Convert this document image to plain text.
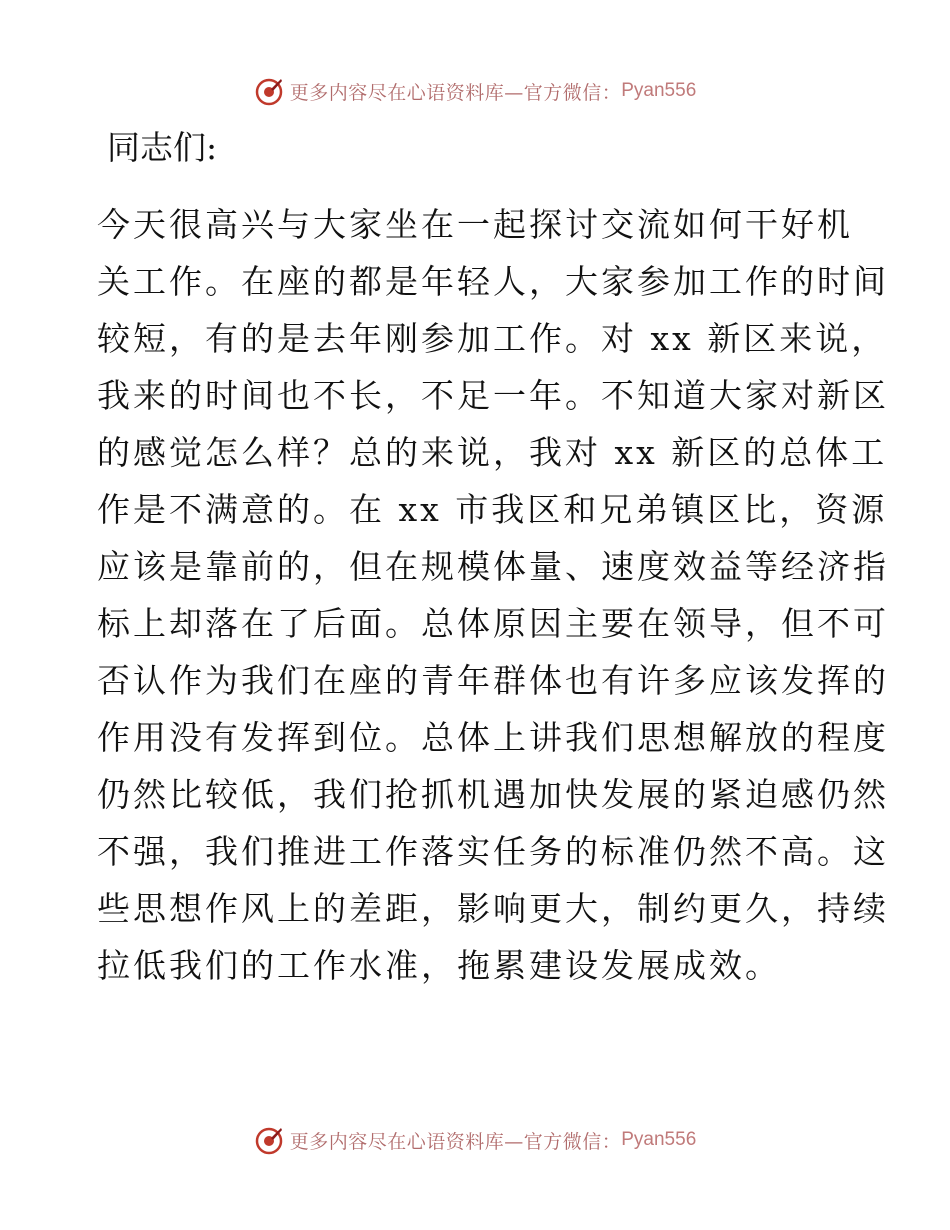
更多内容尽在心语资料库—官方微信： Pyan556
同志们:
今天很高兴与大家坐在一起探讨交流如何干好机
关工作。在座的都是年轻人，大家参加工作的时间
较短，有的是去年刚参加工作。对 xx 新区来说，
我来的时间也不长，不足一年。不知道大家对新区
的感觉怎么样？总的来说，我对 xx 新区的总体工
作是不满意的。在 xx 市我区和兄弟镇区比，资源
应该是靠前的，但在规模体量、速度效益等经济指
标上却落在了后面。总体原因主要在领导，但不可
否认作为我们在座的青年群体也有许多应该发挥的
作用没有发挥到位。总体上讲我们思想解放的程度
仍然比较低，我们抢抓机遇加快发展的紧迫感仍然
不强，我们推进工作落实任务的标准仍然不高。这
些思想作风上的差距，影响更大，制约更久，持续
拉低我们的工作水准，拖累建设发展成效。
更多内容尽在心语资料库—官方微信： Pyan556
